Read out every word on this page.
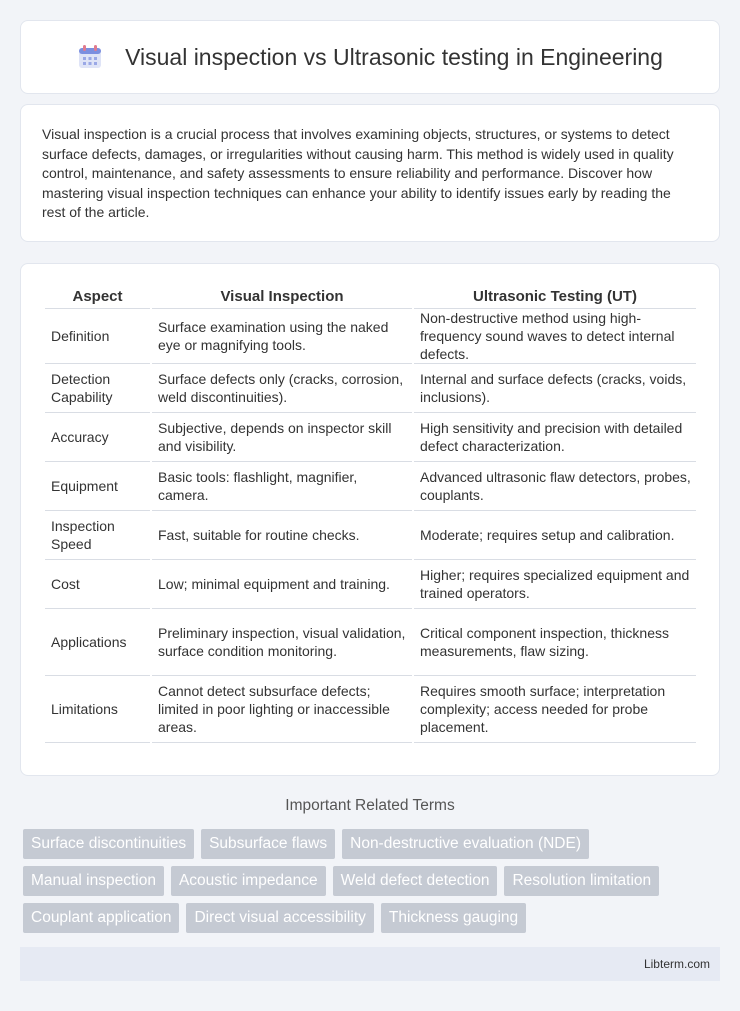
Visual inspection vs Ultrasonic testing in Engineering

Visual inspection is a crucial process that involves examining objects, structures, or systems to detect surface defects, damages, or irregularities without causing harm. This method is widely used in quality control, maintenance, and safety assessments to ensure reliability and performance. Discover how mastering visual inspection techniques can enhance your ability to identify issues early by reading the rest of the article.

Aspect	Visual Inspection	Ultrasonic Testing (UT)
Definition	Surface examination using the naked eye or magnifying tools.	Non-destructive method using high-frequency sound waves to detect internal defects.
Detection Capability	Surface defects only (cracks, corrosion, weld discontinuities).	Internal and surface defects (cracks, voids, inclusions).
Accuracy	Subjective, depends on inspector skill and visibility.	High sensitivity and precision with detailed defect characterization.
Equipment	Basic tools: flashlight, magnifier, camera.	Advanced ultrasonic flaw detectors, probes, couplants.
Inspection Speed	Fast, suitable for routine checks.	Moderate; requires setup and calibration.
Cost	Low; minimal equipment and training.	Higher; requires specialized equipment and trained operators.
Applications	Preliminary inspection, visual validation, surface condition monitoring.	Critical component inspection, thickness measurements, flaw sizing.
Limitations	Cannot detect subsurface defects; limited in poor lighting or inaccessible areas.	Requires smooth surface; interpretation complexity; access needed for probe placement.
Important Related Terms
Surface discontinuities	Subsurface flaws	Non-destructive evaluation (NDE)
Manual inspection	Acoustic impedance	Weld defect detection	Resolution limitation
Couplant application	Direct visual accessibility	Thickness gauging
Libterm.com
